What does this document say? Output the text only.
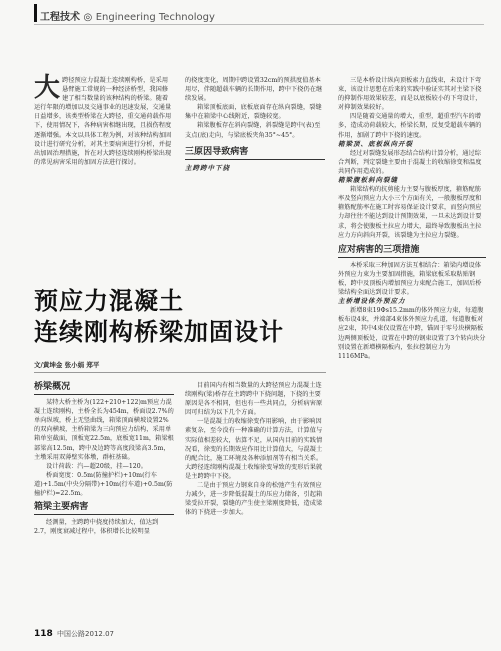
工程技术 ◎ Engineering Technology
大跨径预应力混凝土连续刚构桥，是采用悬臂施工常规的一种经济桥型，我国修建了相当数量的该种结构的桥梁。随着运行年限的增加以及交通事业的迅速发展，交通量日益增多，该类型桥梁在大跨径，重交通荷载作用下，使用情况下，各种病害相继出现，且损伤程度逐渐增强。本文以具体工程为例，对该种结构加固设计进行研究分析，对其主要病害进行分析，并提出加固治理措施，旨在对大跨径连续刚构桥梁出现的常见病害采用的加固方法进行探讨。

的挠度变化，周期中跨设置32cm的预拱度值基本用尽，伴随超载车辆的长期作用，跨中下挠仍在继续发展。

箱梁顶板底面，底板底面存在纵向裂缝，裂缝集中在箱梁中心线附近，裂缝较宽。

箱梁腹板存在斜向裂缝，斜裂缝是跨中(表)至支点(底)走向，与梁底板夹角35°~45°。

三原因导致病害
主跨跨中下挠

三是本桥设计纵向顶板索力直线束，未设计下弯束，该设计思想在后来的实践中验证实其对主梁下挠的抑制作用效果较差，而是以底板较小的下弯设计，对抑制效果较好。

四是随着交通量的增大，重型，超重型汽车的增多，造成动荷载较大，桥梁长期，反复受超载车辆的作用，加剧了跨中下挠的速度。

箱梁顶、底板纵向开裂

经过对裂缝发展形态结合结构计算分析，通过综合判断，判定裂缝主要由于混凝土的收缩徐变和温度共同作用造成的。

箱梁腹板斜向裂缝

箱梁结构的抗剪能力主要与腹板厚度，箍筋配筋率及竖向预应力大小三个方面有关，一般腹板厚度和箍筋配筋率在施工时容易保证设计要求，而竖向预应力却往往不能达到设计预期效果，一旦未达到设计要求，将会使腹板主拉应力增大，最终导致腹板出主拉应力方向斜向开裂，该裂缝为主拉应力裂缝。

应对病害的三项措施

本桥采取三种加固方法互相结合：箱梁内增设体外预应力束为主要加固措施，箱梁底板采取粘贴钢板，跨中及顶板内增加预应力束配合施工，加固后桥梁结构全面达到设计要求。

主桥增设体外预应力

新增8束19Φs15.2mm的体外预应力束，每道腹板布设4束，并端部4束体外预应力孔道，每道腹板对应2束，其中4束仅设置在中跨，锚固于零号块横隔板边两侧顶板处，设置在中跨的钢束设置了3个转向块分别设置在新增横隔板内，张拉控制应力为1116MPa。

预应力混凝土
连续刚构桥梁加固设计
文/黄坤金 张小娟 郑平
桥梁概况

某特大桥主桥为(122+210+122)m预应力混凝土连续刚构，主桥全长为454m，桥面设2.7%的单向纵坡，桥上无竖曲线，箱梁顶面横坡设置2%的双向横坡，主桥箱梁为三向预应力结构，采用单箱单室截面，顶板宽22.5m，底板宽11m，箱梁根部梁高12.5m，跨中及边跨等高度段梁高3.5m，主墩采用双薄壁实体墩，群桩基础。

设计荷载：汽—超20级，挂—120。

桥面宽度：0.5m(防撞护栏)+10m(行车道)+1.5m(中央分隔带)+10m(行车道)+0.5m(防撞护栏)=22.5m。

箱梁主要病害

经测量，主跨跨中挠度持续加大，值达到2.7，刚度衰减过程中，体积增长比较明显

目前国内有相当数量的大跨径预应力混凝土连续刚构(梁)桥存在主跨跨中下挠问题，下挠的主要原因是各不相同，但也有一些共同点，分析病害原因可归结为以下几个方面。

一是混凝土的收缩徐变作用影响，由于影响因素复杂，至今没有一种准确的计算方法，计算值与实际值相差较大，估算不足，从国内目前的实践情况看，徐变的长期效应作用比计算值大，与混凝土的配合比，施工环境及各种添加剂等有相当关系。大跨径连续刚构混凝土收缩徐变导致的变形后果就是主跨跨中下挠。

二是由于预应力钢束自身的松弛产生有效预应力减少，进一步降低混凝土的压应力储备，引起箱梁受拉开裂，裂缝的产生使主梁刚度降低，造成梁体的下挠进一步加大。

118 中国公路2012.07
